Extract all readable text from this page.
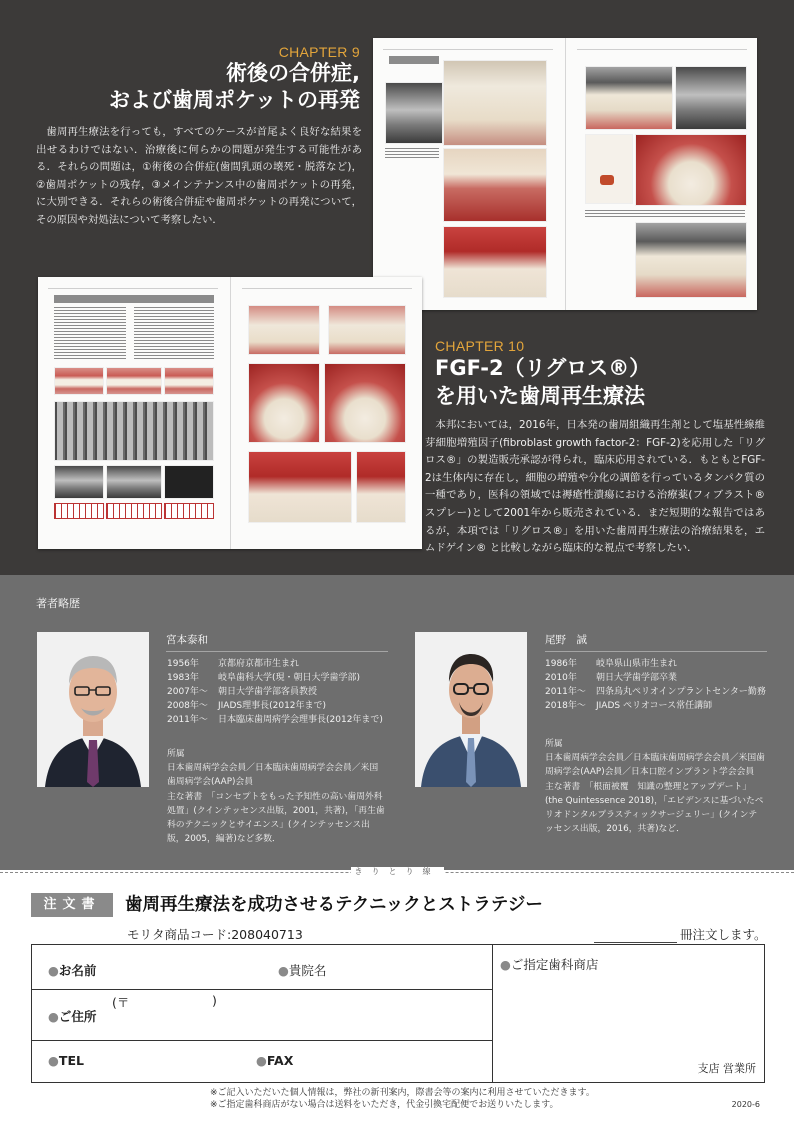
CHAPTER 9
術後の合併症,
および歯周ポケットの再発

歯周再生療法を行っても，すべてのケースが首尾よく良好な結果を出せるわけではない．治療後に何らかの問題が発生する可能性がある．それらの問題は，①術後の合併症(歯間乳頭の壊死・脱落など)，②歯周ポケットの残存，③メインテナンス中の歯周ポケットの再発，に大別できる．それらの術後合併症や歯周ポケットの再発について，その原因や対処法について考察したい．

CHAPTER 10
FGF-2（リグロス®）
を用いた歯周再生療法

本邦においては，2016年，日本発の歯周組織再生剤として塩基性線維芽細胞増殖因子(fibroblast growth factor-2：FGF-2)を応用した「リグロス®」の製造販売承認が得られ，臨床応用されている．もともとFGF-2は生体内に存在し，細胞の増殖や分化の調節を行っているタンパク質の一種であり，医科の領域では褥瘡性潰瘍における治療薬(フィブラスト® スプレー)として2001年から販売されている．まだ短期的な報告ではあるが，本項では「リグロス®」を用いた歯周再生療法の治療結果を，エムドゲイン® と比較しながら臨床的な視点で考察したい．

著者略歴
宮本泰和
1956年	京都府京都市生まれ
1983年	岐阜歯科大学(現・朝日大学歯学部)
2007年〜	朝日大学歯学部客員教授
2008年〜	JIADS理事長(2012年まで)
2011年〜	日本臨床歯周病学会理事長(2012年まで)
所属
日本歯周病学会会員／日本臨床歯周病学会会員／米国歯周病学会(AAP)会員
主な著書　「コンセプトをもった予知性の高い歯周外科処置」(クインテッセンス出版，2001，共著)，「再生歯科のテクニックとサイエンス」(クインテッセンス出版，2005，編著)など多数．
尾野　誠
1986年	岐阜県山県市生まれ
2010年	朝日大学歯学部卒業
2011年〜	四条烏丸ペリオインプラントセンター勤務
2018年〜	JIADS ペリオコース常任講師
所属
日本歯周病学会会員／日本臨床歯周病学会会員／米国歯周病学会(AAP)会員／日本口腔インプラント学会会員
主な著書　「根面被覆　知識の整理とアップデート」(the Quintessence 2018)，「エビデンスに基づいたペリオドンタルプラスティックサージェリー」(クインテッセンス出版，2016，共著)など．
きりとり線
注文書	歯周再生療法を成功させるテクニックとストラテジー
モリタ商品コード:208040713	冊注文します。
●お名前	●貴院名	●ご指定歯科商店
●ご住所
(〒	)
●TEL	●FAX
支店 営業所
※ご記入いただいた個人情報は，弊社の新刊案内，際書会等の案内に利用させていただきます。
※ご指定歯科商店がない場合は送料をいただき，代金引換宅配便でお送りいたします。	2020-6
